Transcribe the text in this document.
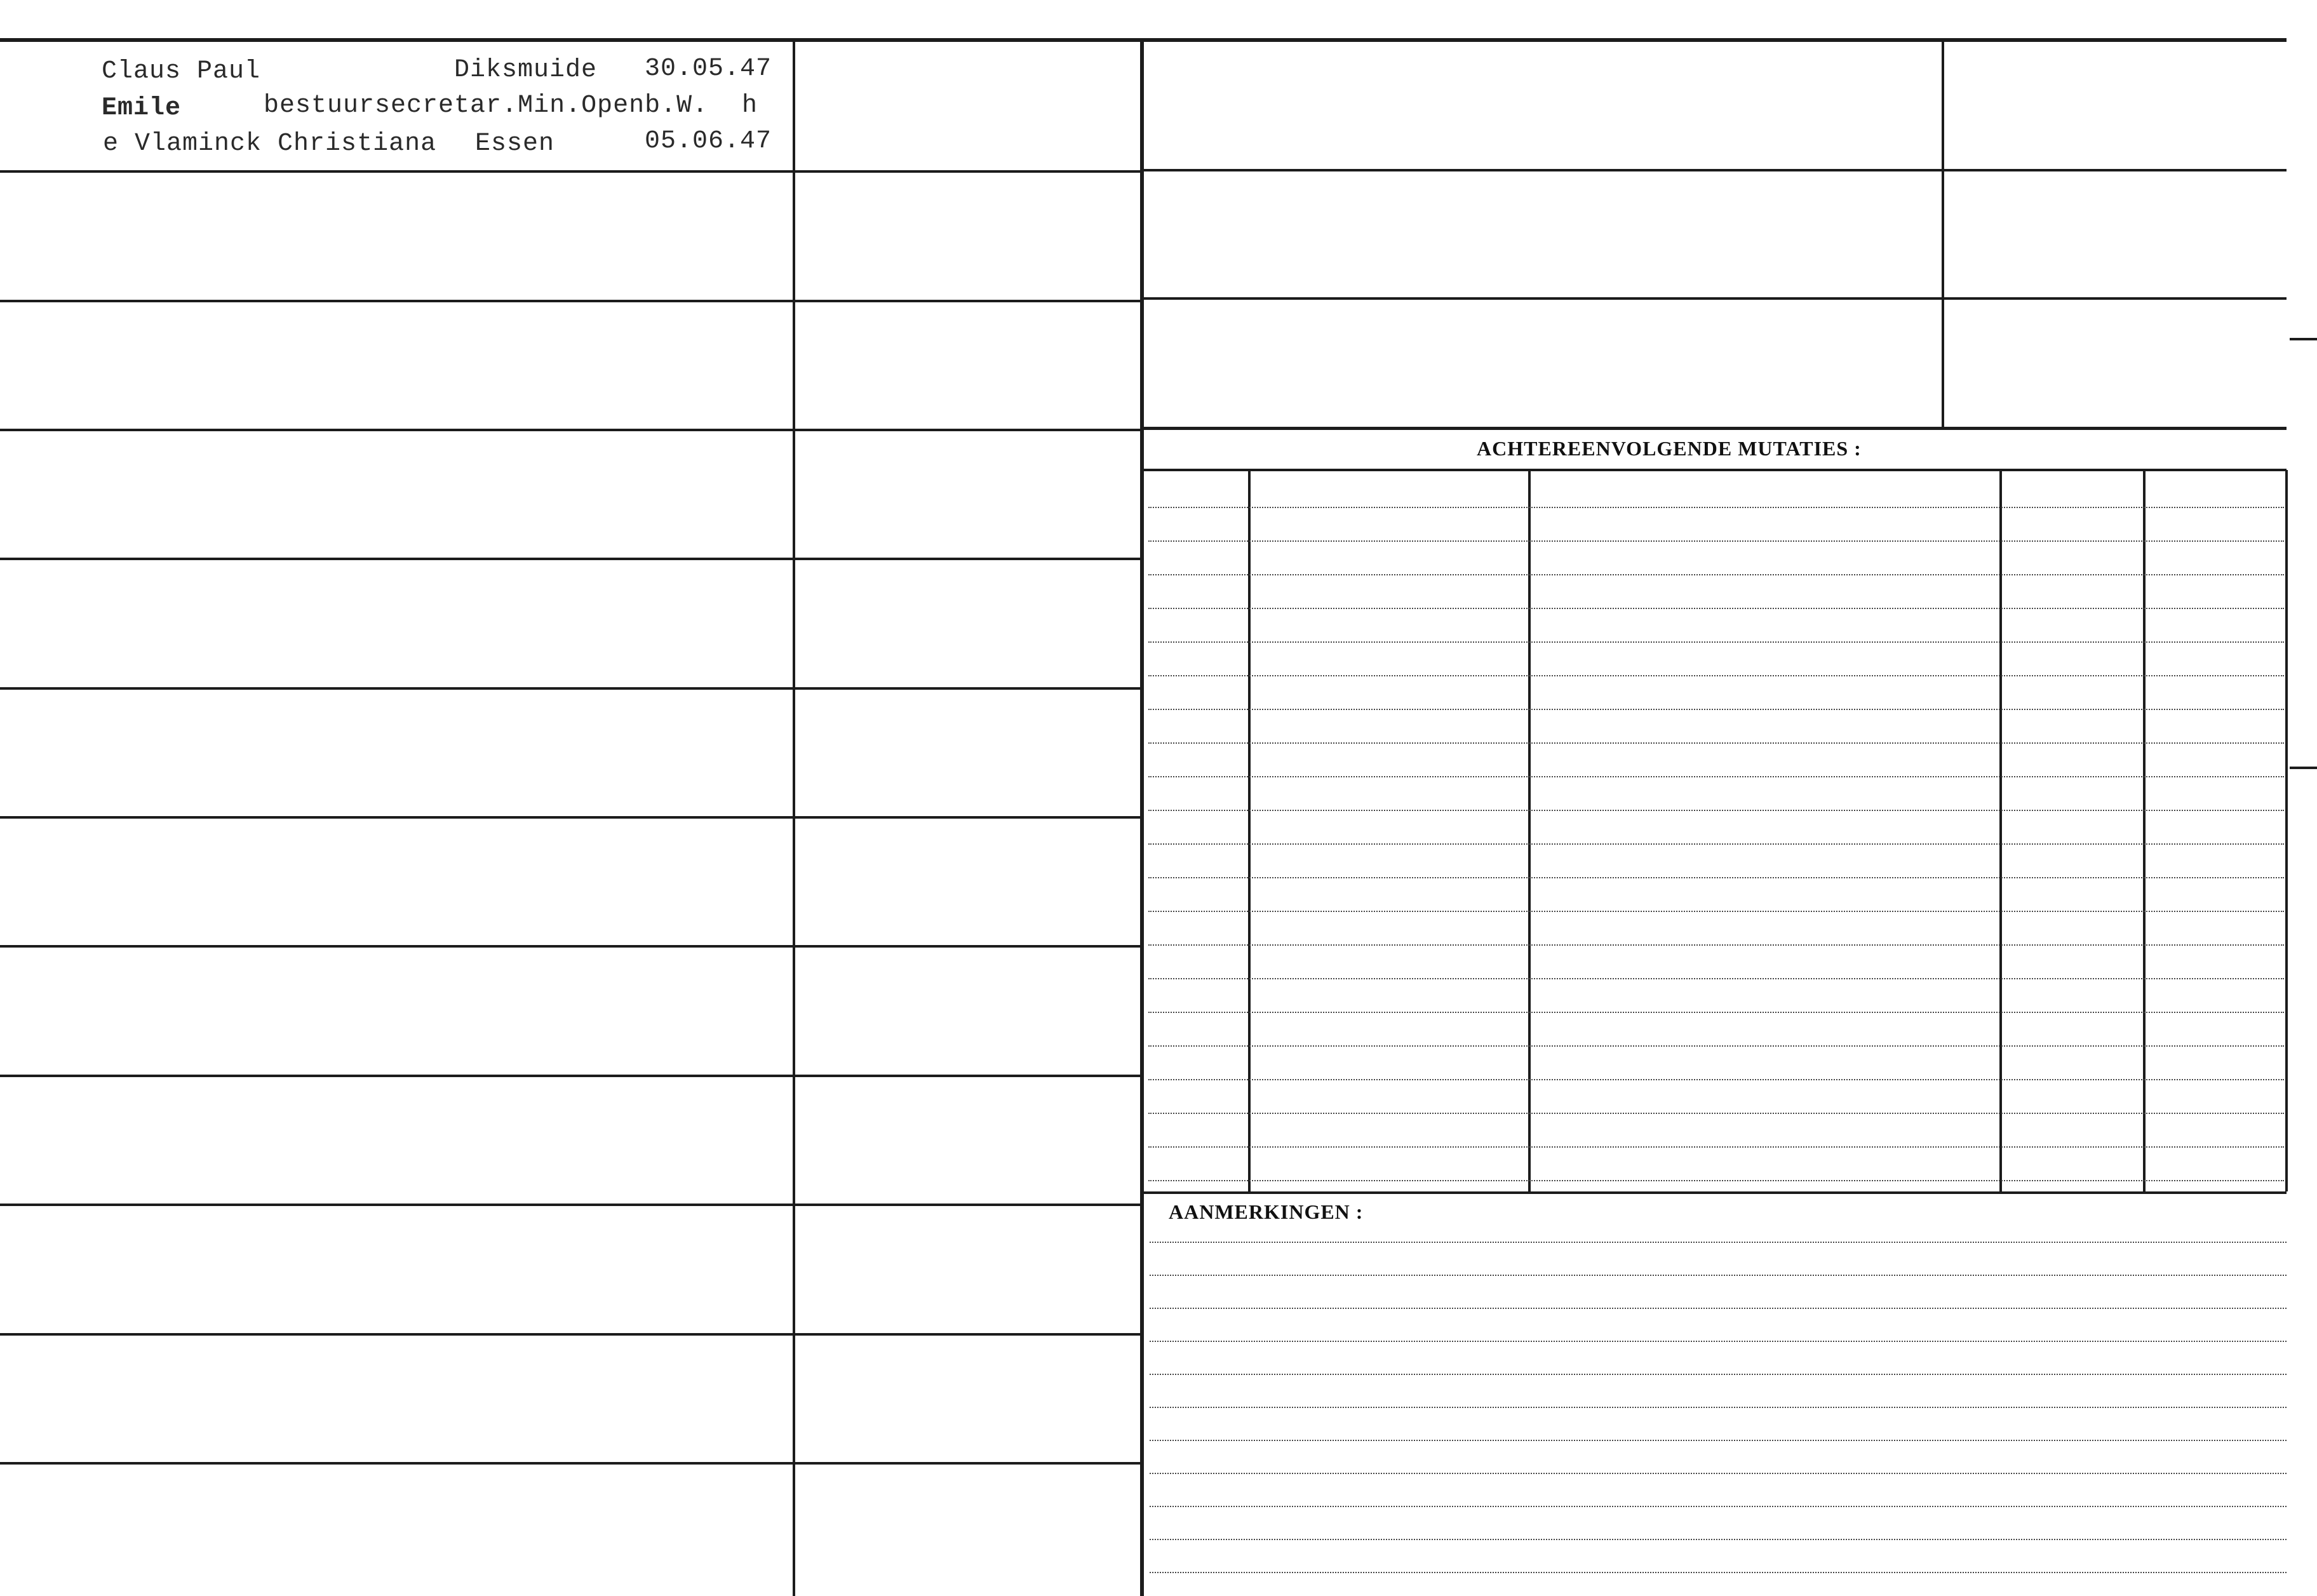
Claus Paul	Diksmuide 30.05.47
Emile	bestuursecretar.Min.Openb.W. h
e Vlaminck Christiana Essen	05.06.47
ACHTEREENVOLGENDE MUTATIES :
AANMERKINGEN :
